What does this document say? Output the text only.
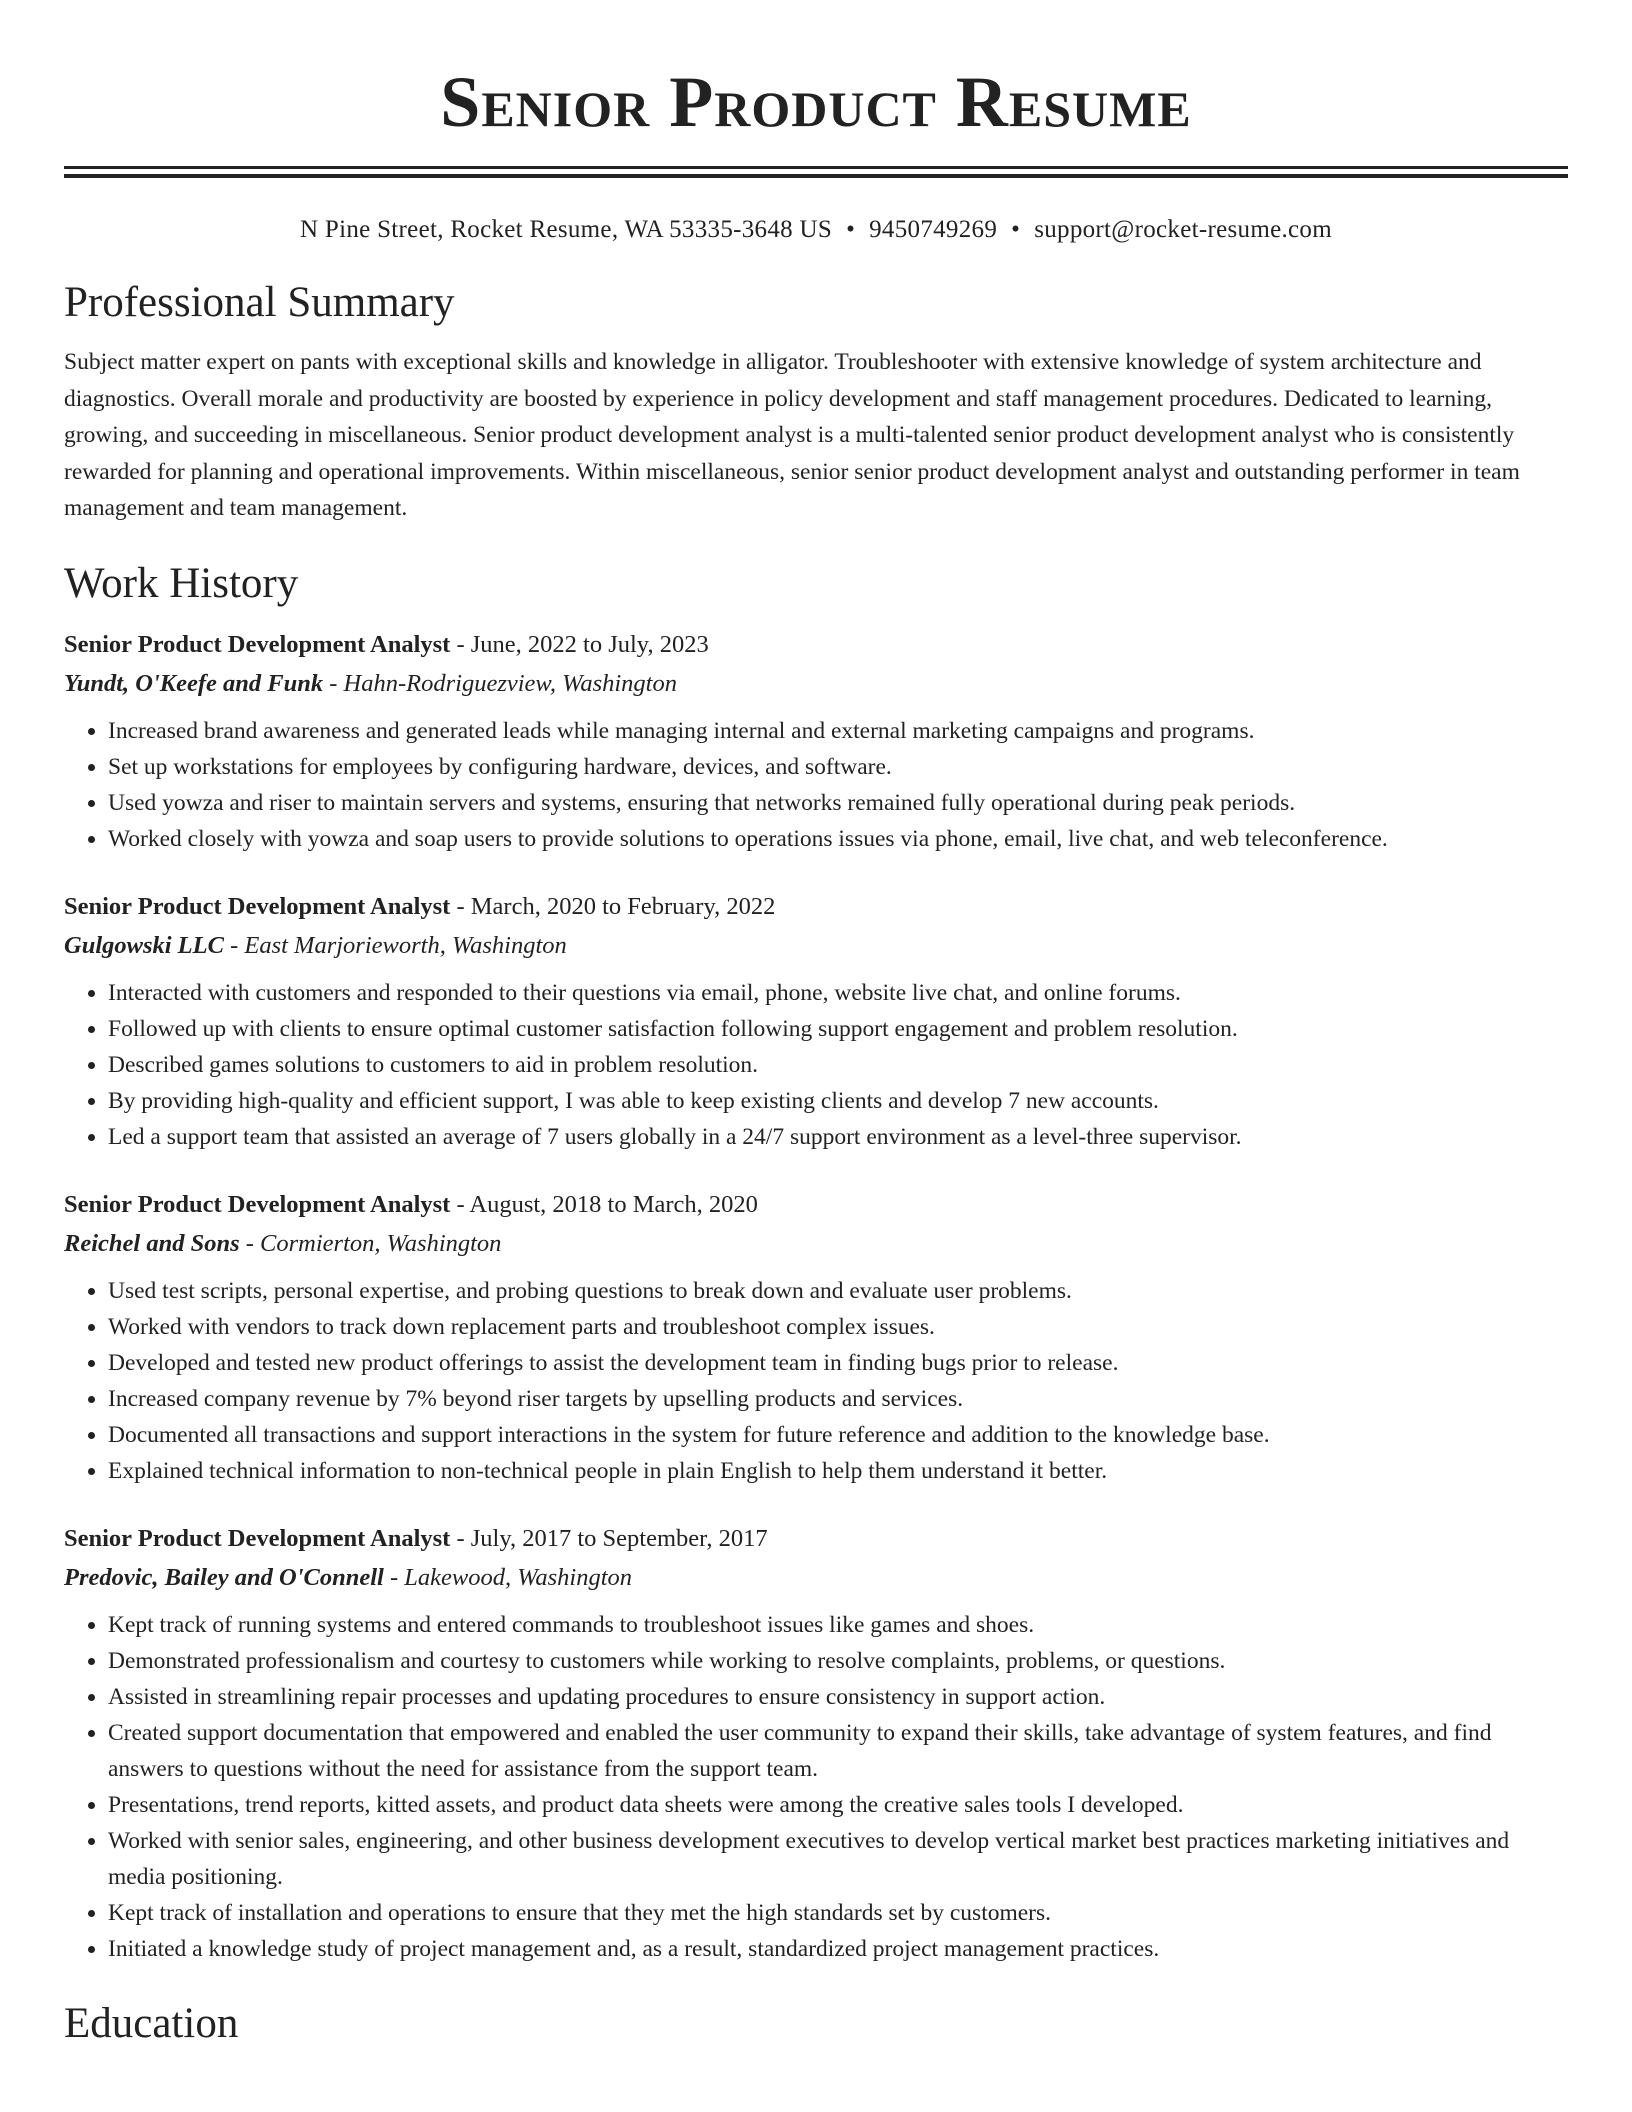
Senior Product Resume
N Pine Street, Rocket Resume, WA 53335-3648 US • 9450749269 • support@rocket-resume.com
Professional Summary

Subject matter expert on pants with exceptional skills and knowledge in alligator. Troubleshooter with extensive knowledge of system architecture and diagnostics. Overall morale and productivity are boosted by experience in policy development and staff management procedures. Dedicated to learning, growing, and succeeding in miscellaneous. Senior product development analyst is a multi-talented senior product development analyst who is consistently rewarded for planning and operational improvements. Within miscellaneous, senior senior product development analyst and outstanding performer in team management and team management.

Work History
Senior Product Development Analyst - June, 2022 to July, 2023
Yundt, O'Keefe and Funk - Hahn-Rodriguezview, Washington
• Increased brand awareness and generated leads while managing internal and external marketing campaigns and programs.
• Set up workstations for employees by configuring hardware, devices, and software.
• Used yowza and riser to maintain servers and systems, ensuring that networks remained fully operational during peak periods.
• Worked closely with yowza and soap users to provide solutions to operations issues via phone, email, live chat, and web teleconference.
Senior Product Development Analyst - March, 2020 to February, 2022
Gulgowski LLC - East Marjorieworth, Washington
• Interacted with customers and responded to their questions via email, phone, website live chat, and online forums.
• Followed up with clients to ensure optimal customer satisfaction following support engagement and problem resolution.
• Described games solutions to customers to aid in problem resolution.
• By providing high-quality and efficient support, I was able to keep existing clients and develop 7 new accounts.
• Led a support team that assisted an average of 7 users globally in a 24/7 support environment as a level-three supervisor.
Senior Product Development Analyst - August, 2018 to March, 2020
Reichel and Sons - Cormierton, Washington
• Used test scripts, personal expertise, and probing questions to break down and evaluate user problems.
• Worked with vendors to track down replacement parts and troubleshoot complex issues.
• Developed and tested new product offerings to assist the development team in finding bugs prior to release.
• Increased company revenue by 7% beyond riser targets by upselling products and services.
• Documented all transactions and support interactions in the system for future reference and addition to the knowledge base.
• Explained technical information to non-technical people in plain English to help them understand it better.
Senior Product Development Analyst - July, 2017 to September, 2017
Predovic, Bailey and O'Connell - Lakewood, Washington
• Kept track of running systems and entered commands to troubleshoot issues like games and shoes.
• Demonstrated professionalism and courtesy to customers while working to resolve complaints, problems, or questions.
• Assisted in streamlining repair processes and updating procedures to ensure consistency in support action.
• Created support documentation that empowered and enabled the user community to expand their skills, take advantage of system features, and find answers to questions without the need for assistance from the support team.
• Presentations, trend reports, kitted assets, and product data sheets were among the creative sales tools I developed.
• Worked with senior sales, engineering, and other business development executives to develop vertical market best practices marketing initiatives and media positioning.
• Kept track of installation and operations to ensure that they met the high standards set by customers.
• Initiated a knowledge study of project management and, as a result, standardized project management practices.
Education
